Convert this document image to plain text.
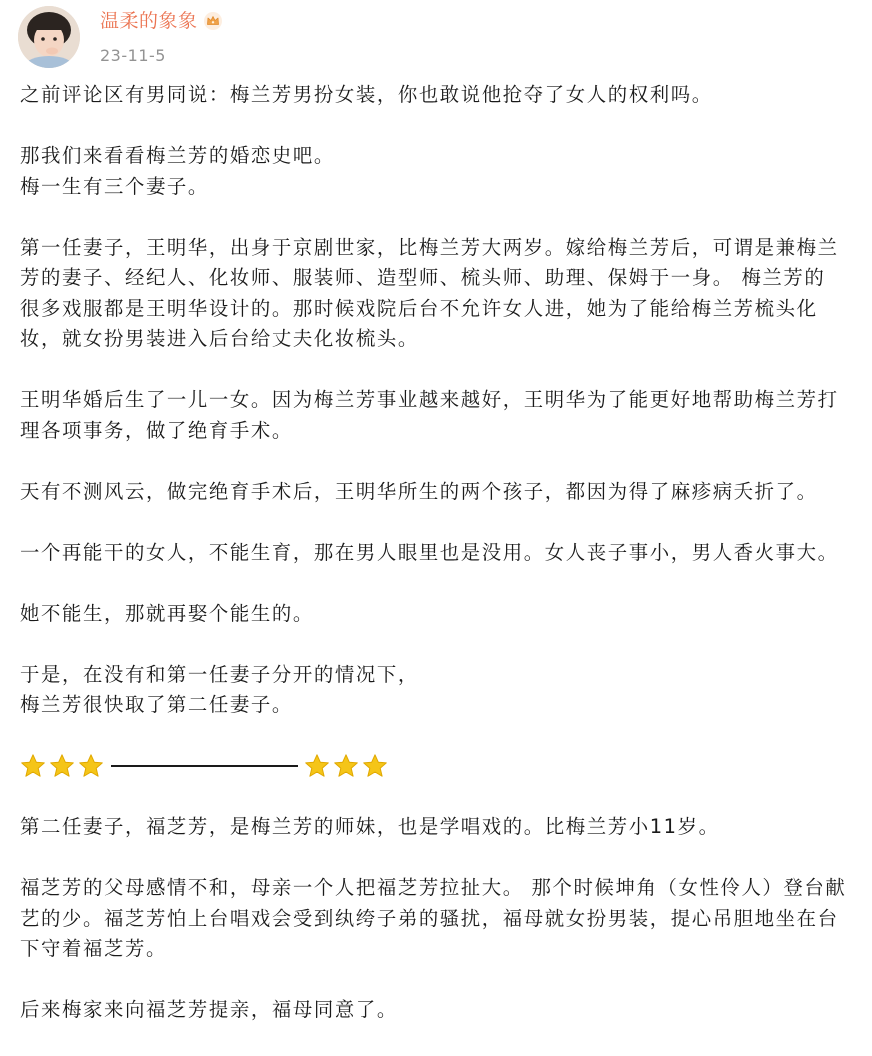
温柔的象象
23-11-5

之前评论区有男同说：梅兰芳男扮女装，你也敢说他抢夺了女人的权利吗。

那我们来看看梅兰芳的婚恋史吧。

梅一生有三个妻子。

第一任妻子，王明华，出身于京剧世家，比梅兰芳大两岁。嫁给梅兰芳后，可谓是兼梅兰

芳的妻子、经纪人、化妆师、服装师、造型师、梳头师、助理、保姆于一身。 梅兰芳的

很多戏服都是王明华设计的。那时候戏院后台不允许女人进，她为了能给梅兰芳梳头化

妆，就女扮男装进入后台给丈夫化妆梳头。

王明华婚后生了一儿一女。因为梅兰芳事业越来越好，王明华为了能更好地帮助梅兰芳打

理各项事务，做了绝育手术。

天有不测风云，做完绝育手术后，王明华所生的两个孩子，都因为得了麻疹病夭折了。

一个再能干的女人，不能生育，那在男人眼里也是没用。女人丧子事小，男人香火事大。

她不能生，那就再娶个能生的。

于是，在没有和第一任妻子分开的情况下，

梅兰芳很快取了第二任妻子。

第二任妻子，福芝芳，是梅兰芳的师妹，也是学唱戏的。比梅兰芳小11岁。

福芝芳的父母感情不和，母亲一个人把福芝芳拉扯大。 那个时候坤角（女性伶人）登台献

艺的少。福芝芳怕上台唱戏会受到纨绔子弟的骚扰，福母就女扮男装，提心吊胆地坐在台

下守着福芝芳。

后来梅家来向福芝芳提亲，福母同意了。
